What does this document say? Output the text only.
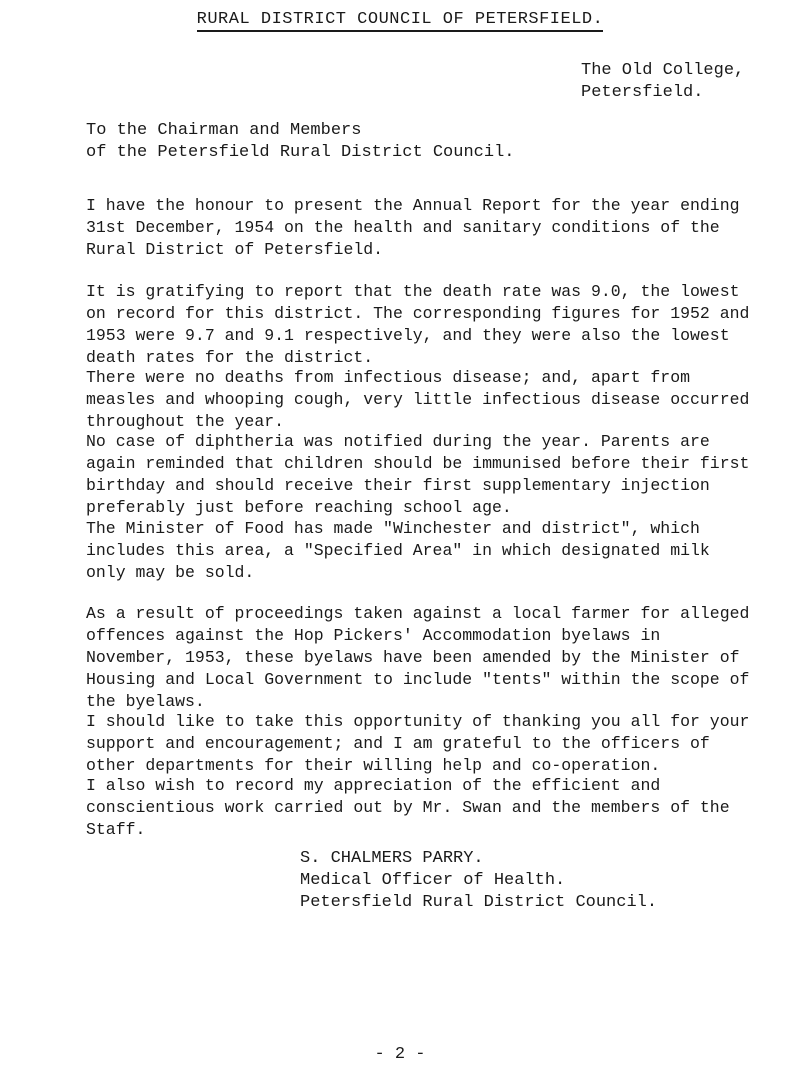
RURAL DISTRICT COUNCIL OF PETERSFIELD.
The Old College,
Petersfield.
To the Chairman and Members
of the Petersfield Rural District Council.
I have the honour to present the Annual Report for the year ending 31st December, 1954 on the health and sanitary conditions of the Rural District of Petersfield.
It is gratifying to report that the death rate was 9.0, the lowest on record for this district. The corresponding figures for 1952 and 1953 were 9.7 and 9.1 respectively, and they were also the lowest death rates for the district.
There were no deaths from infectious disease; and, apart from measles and whooping cough, very little infectious disease occurred throughout the year.
No case of diphtheria was notified during the year. Parents are again reminded that children should be immunised before their first birthday and should receive their first supplementary injection preferably just before reaching school age.
The Minister of Food has made "Winchester and district", which includes this area, a "Specified Area" in which designated milk only may be sold.
As a result of proceedings taken against a local farmer for alleged offences against the Hop Pickers' Accommodation byelaws in November, 1953, these byelaws have been amended by the Minister of Housing and Local Government to include "tents" within the scope of the byelaws.
I should like to take this opportunity of thanking you all for your support and encouragement; and I am grateful to the officers of other departments for their willing help and co-operation.
I also wish to record my appreciation of the efficient and conscientious work carried out by Mr. Swan and the members of the Staff.
S. CHALMERS PARRY.
Medical Officer of Health.
Petersfield Rural District Council.
- 2 -
